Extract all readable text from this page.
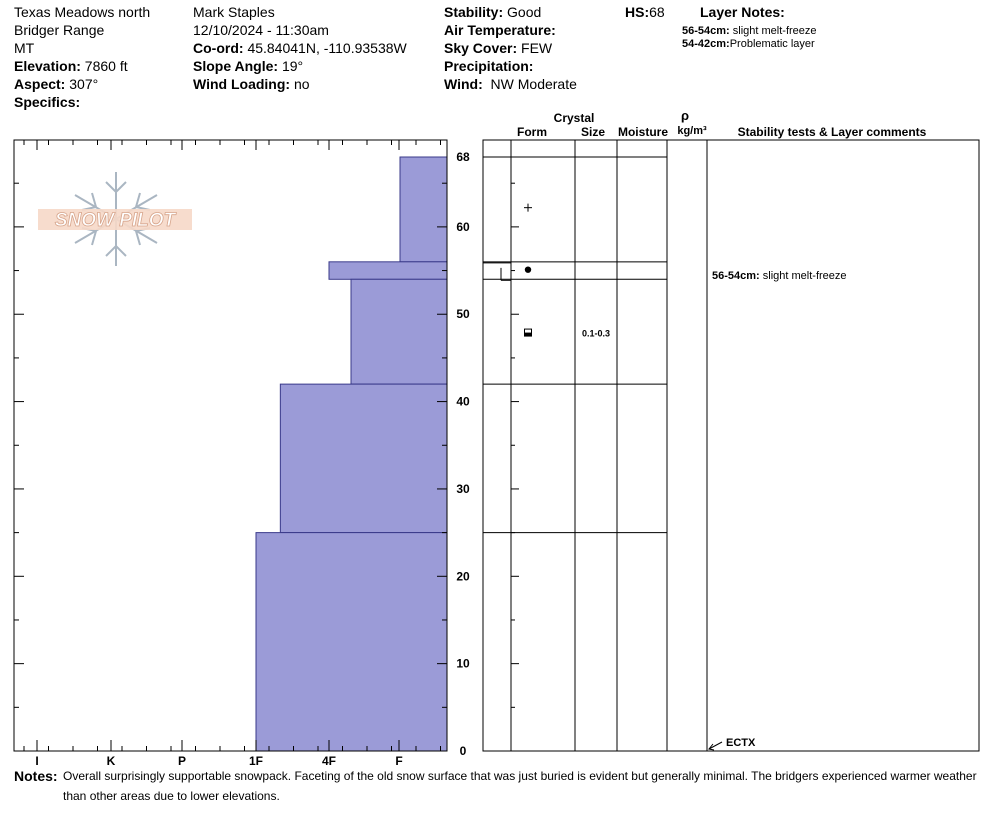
Texas Meadows north
Bridger Range
MT
Elevation: 7860 ft
Aspect: 307°
Specifics:
Mark Staples
12/10/2024 - 11:30am
Co-ord: 45.84041N, -110.93538W
Slope Angle: 19°
Wind Loading: no
Stability: Good
Air Temperature:
Sky Cover: FEW
Precipitation:
Wind: NW Moderate
HS:68	Layer Notes:
56-54cm: slight melt-freeze
54-42cm:Problematic layer
SNOW PILOT
I	K	P	1F	4F	F
0
10
20
30
40
50
60
68
0.1-0.3
56-54cm: slight melt-freeze
ECTX
Crystal
Form	Size Moisture
ρ
kg/m³	Stability tests & Layer comments
Notes: Overall surprisingly supportable snowpack. Faceting of the old snow surface that was just buried is evident but generally minimal. The bridgers experienced warmer weather than other areas due to lower elevations.
